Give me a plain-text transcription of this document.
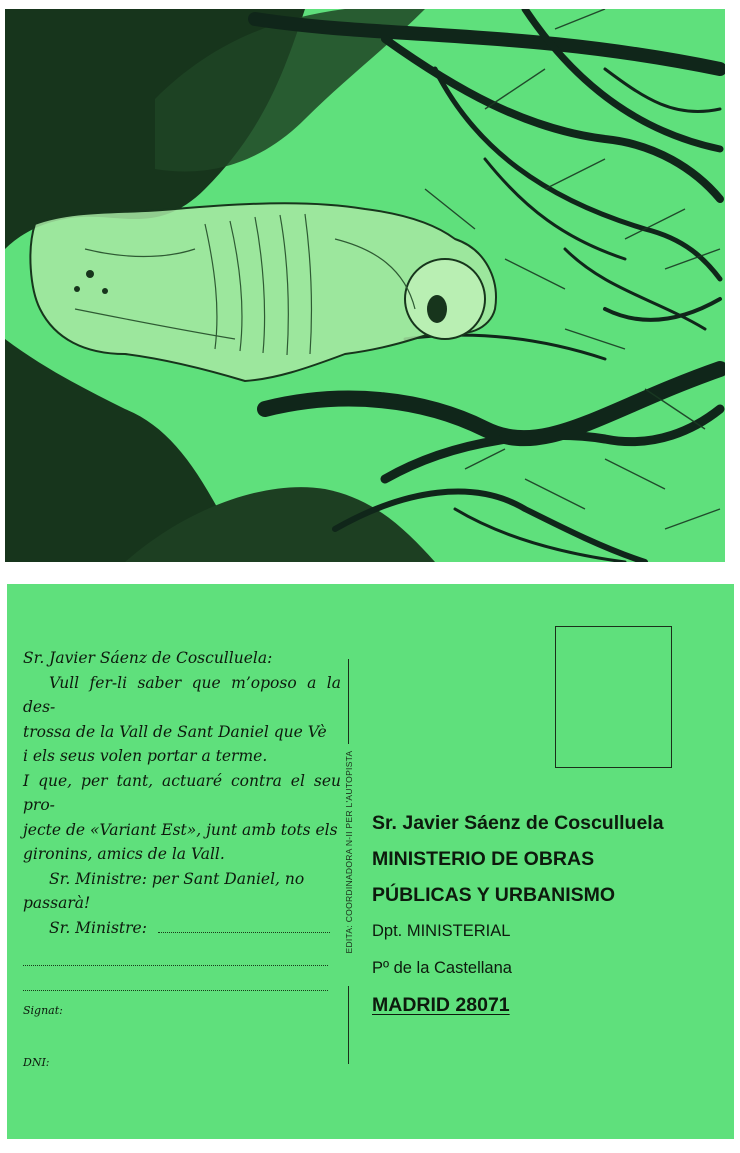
Sr. Javier Sáenz de Cosculluela:

Vull fer-li saber que m’oposo a la des-

trossa de la Vall de Sant Daniel que Vè

i els seus volen portar a terme.

I que, per tant, actuaré contra el seu pro-

jecte de «Variant Est», junt amb tots els

gironins, amics de la Vall.

Sr. Ministre: per Sant Daniel, no

passarà!

Sr. Ministre:

Signat:
DNI:
EDITA: COORDINADORA N-II PER L'AUTOPISTA Sr. Javier Sáenz de Cosculluela
MINISTERIO DE OBRAS
PÚBLICAS Y URBANISMO
Dpt. MINISTERIAL
Pº de la Castellana
MADRID 28071
